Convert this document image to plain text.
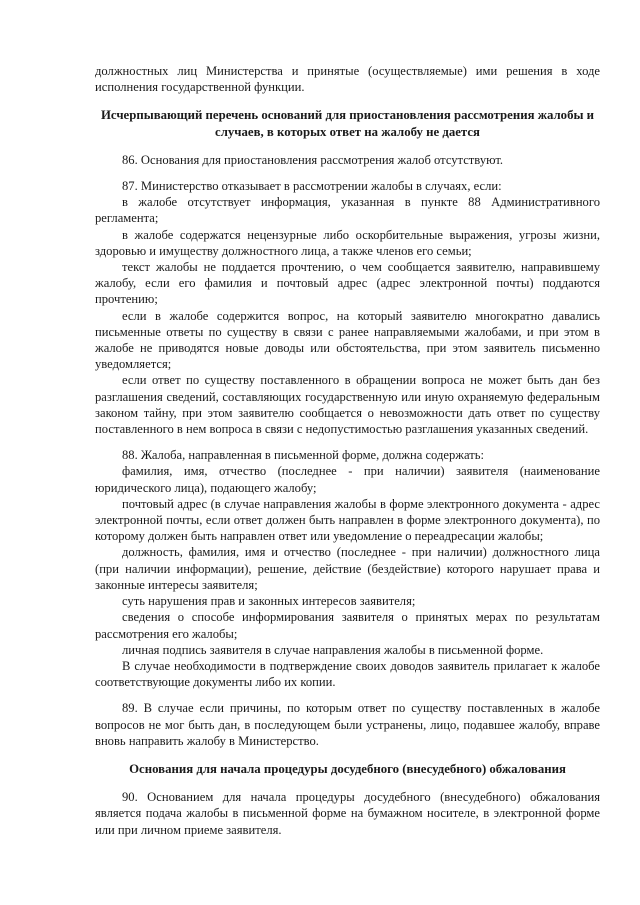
должностных лиц Министерства и принятые (осуществляемые) ими решения в ходе исполнения государственной функции.

Исчерпывающий перечень оснований для приостановления рассмотрения жалобы и случаев, в которых ответ на жалобу не дается

86. Основания для приостановления рассмотрения жалоб отсутствуют.

87. Министерство отказывает в рассмотрении жалобы в случаях, если:

в жалобе отсутствует информация, указанная в пункте 88 Административного регламента;

в жалобе содержатся нецензурные либо оскорбительные выражения, угрозы жизни, здоровью и имуществу должностного лица, а также членов его семьи;

текст жалобы не поддается прочтению, о чем сообщается заявителю, направившему жалобу, если его фамилия и почтовый адрес (адрес электронной почты) поддаются прочтению;

если в жалобе содержится вопрос, на который заявителю многократно давались письменные ответы по существу в связи с ранее направляемыми жалобами, и при этом в жалобе не приводятся новые доводы или обстоятельства, при этом заявитель письменно уведомляется;

если ответ по существу поставленного в обращении вопроса не может быть дан без разглашения сведений, составляющих государственную или иную охраняемую федеральным законом тайну, при этом заявителю сообщается о невозможности дать ответ по существу поставленного в нем вопроса в связи с недопустимостью разглашения указанных сведений.

88. Жалоба, направленная в письменной форме, должна содержать:

фамилия, имя, отчество (последнее - при наличии) заявителя (наименование юридического лица), подающего жалобу;

почтовый адрес (в случае направления жалобы в форме электронного документа - адрес электронной почты, если ответ должен быть направлен в форме электронного документа), по которому должен быть направлен ответ или уведомление о переадресации жалобы;

должность, фамилия, имя и отчество (последнее - при наличии) должностного лица (при наличии информации), решение, действие (бездействие) которого нарушает права и законные интересы заявителя;

суть нарушения прав и законных интересов заявителя;

сведения о способе информирования заявителя о принятых мерах по результатам рассмотрения его жалобы;

личная подпись заявителя в случае направления жалобы в письменной форме.

В случае необходимости в подтверждение своих доводов заявитель прилагает к жалобе соответствующие документы либо их копии.

89. В случае если причины, по которым ответ по существу поставленных в жалобе вопросов не мог быть дан, в последующем были устранены, лицо, подавшее жалобу, вправе вновь направить жалобу в Министерство.

Основания для начала процедуры досудебного (внесудебного) обжалования

90. Основанием для начала процедуры досудебного (внесудебного) обжалования является подача жалобы в письменной форме на бумажном носителе, в электронной форме или при личном приеме заявителя.
